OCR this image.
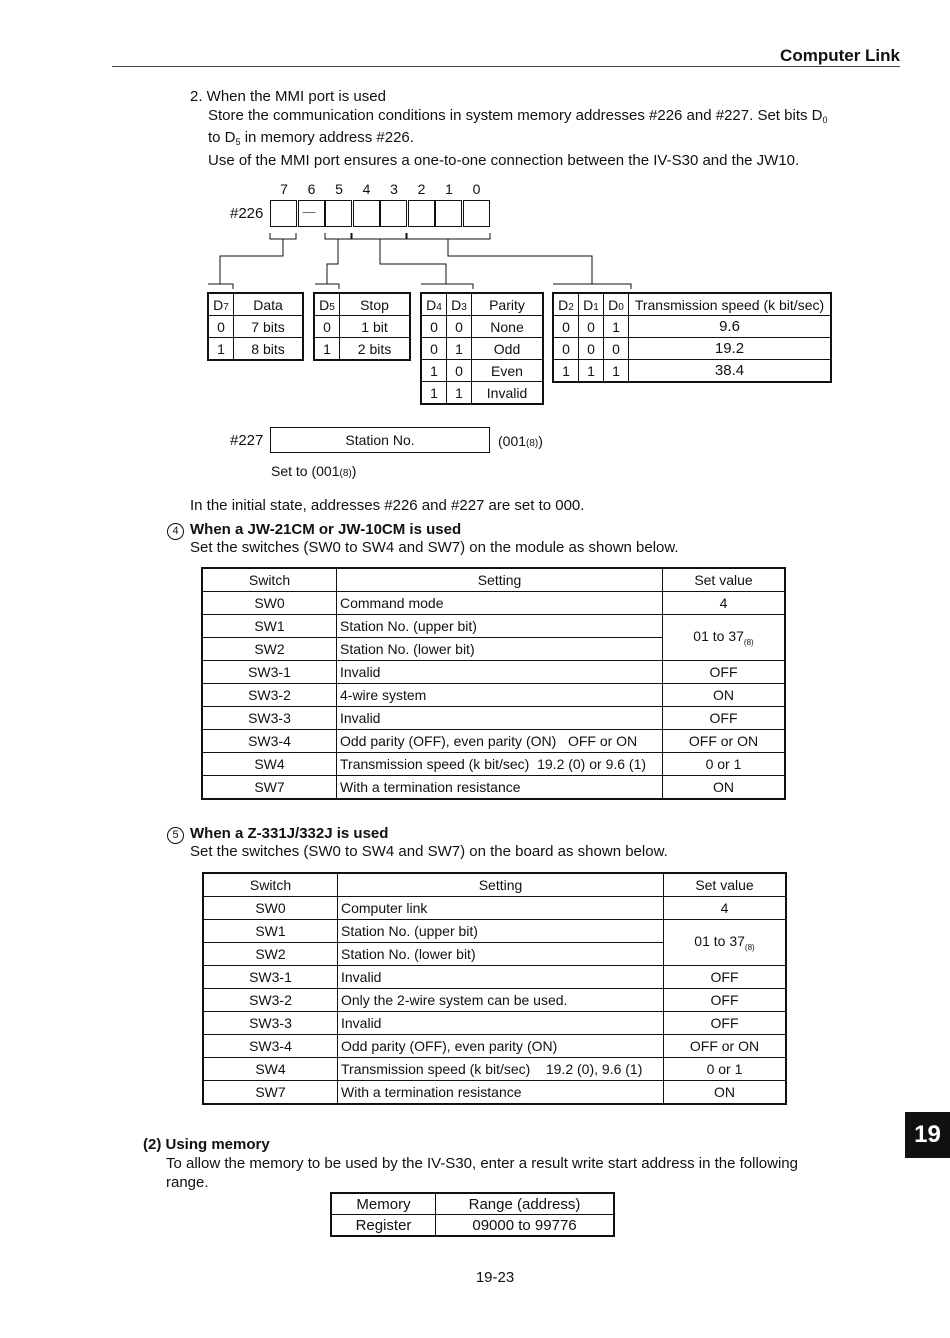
Computer Link
2. When the MMI port is used
Store the communication conditions in system memory addresses #226 and #227. Set bits $D_0$
to $D_5$ in memory address #226.
Use of the MMI port ensures a one-to-one connection between the IV-S30 and the JW10.
#226
7	6
—
5	4	3	2	1	0
D7	Data
0	7 bits
1	8 bits
D5	Stop
0	1 bit
1	2 bits
D4	D3	Parity
0	0	None
0	1	Odd
1	0	Even
1	1	Invalid
D2	D1	D0	Transmission speed (k bit/sec)
0	0	1	9.6
0	0	0	19.2
1	1	1	38.4
#227	Station No.	(001(8))
Set to (001(8))
In the initial state, addresses #226 and #227 are set to 000.
4 When a JW-21CM or JW-10CM is used
Set the switches (SW0 to SW4 and SW7) on the module as shown below.
Switch	Setting	Set value
SW0	Command mode	4
SW1	Station No. (upper bit)	01 to $37_{(8)}$
SW2	Station No. (lower bit)	
SW3-1	Invalid	OFF
SW3-2	4-wire system	ON
SW3-3	Invalid	OFF
SW3-4	Odd parity (OFF), even parity (ON)   OFF or ON	OFF or ON
SW4	Transmission speed (k bit/sec)  19.2 (0) or 9.6 (1)	0 or 1
SW7	With a termination resistance	ON
5 When a Z-331J/332J is used
Set the switches (SW0 to SW4 and SW7) on the board as shown below.
Switch	Setting	Set value
SW0	Computer link	4
SW1	Station No. (upper bit)	01 to $37_{(8)}$
SW2	Station No. (lower bit)	
SW3-1	Invalid	OFF
SW3-2	Only the 2-wire system can be used.	OFF
SW3-3	Invalid	OFF
SW3-4	Odd parity (OFF), even parity (ON)	OFF or ON
SW4	Transmission speed (k bit/sec)    19.2 (0), 9.6 (1)	0 or 1
SW7	With a termination resistance	ON
(2) Using memory
To allow the memory to be used by the IV-S30, enter a result write start address in the following
range.
Memory	Range (address)
Register	09000 to 99776
19
19-23
